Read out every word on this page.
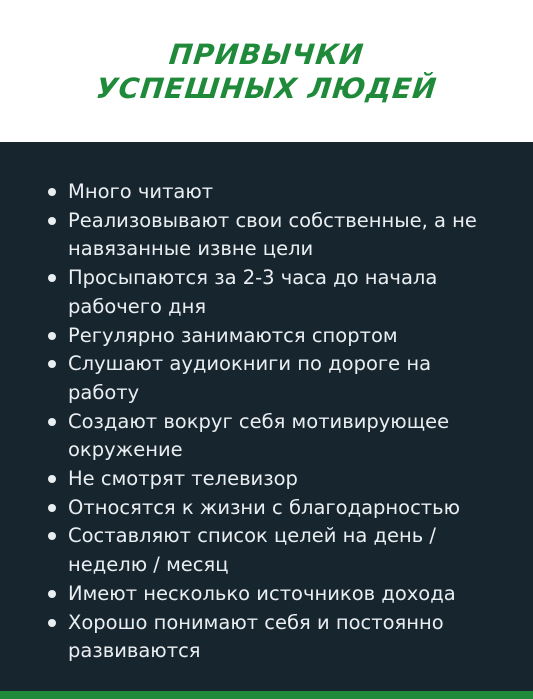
ПРИВЫЧКИ
УСПЕШНЫХ ЛЮДЕЙ
Много читают
Реализовывают свои собственные, а не
навязанные извне цели
Просыпаются за 2-3 часа до начала
рабочего дня
Регулярно занимаются спортом
Слушают аудиокниги по дороге на
работу
Создают вокруг себя мотивирующее
окружение
Не смотрят телевизор
Относятся к жизни с благодарностью
Составляют список целей на день /
неделю / месяц
Имеют несколько источников дохода
Хорошо понимают себя и постоянно
развиваются
